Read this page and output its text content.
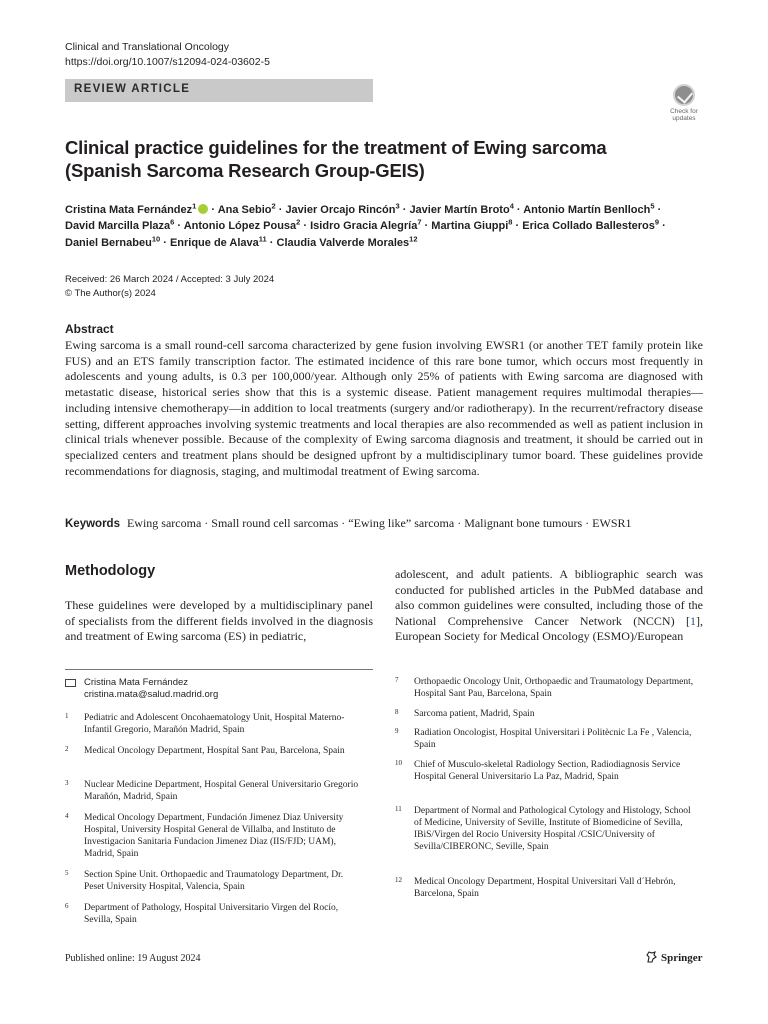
Clinical and Translational Oncology
https://doi.org/10.1007/s12094-024-03602-5
REVIEW ARTICLE
Check for
updates
Clinical practice guidelines for the treatment of Ewing sarcoma
(Spanish Sarcoma Research Group-GEIS)
Cristina Mata Fernández$^1$ · Ana Sebio$^2$ · Javier Orcajo Rincón$^3$ · Javier Martín Broto$^4$ · Antonio Martín Benlloch$^5$ ·
David Marcilla Plaza$^6$ · Antonio López Pousa$^2$ · Isidro Gracia Alegría$^7$ · Martina Giuppi$^8$ · Erica Collado Ballesteros$^9$ ·
Daniel Bernabeu$^{10}$ · Enrique de Alava$^{11}$ · Claudia Valverde Morales$^{12}$
Received: 26 March 2024 / Accepted: 3 July 2024
© The Author(s) 2024
Abstract

Ewing sarcoma is a small round-cell sarcoma characterized by gene fusion involving EWSR1 (or another TET family protein like FUS) and an ETS family transcription factor. The estimated incidence of this rare bone tumor, which occurs most frequently in adolescents and young adults, is 0.3 per 100,000/year. Although only 25% of patients with Ewing sarcoma are diagnosed with metastatic disease, historical series show that this is a systemic disease. Patient management requires multimodal therapies—including intensive chemotherapy—in addition to local treatments (surgery and/or radiotherapy). In the recurrent/refractory disease setting, different approaches involving systemic treatments and local therapies are also recommended as well as patient inclusion in clinical trials whenever possible. Because of the complexity of Ewing sarcoma diagnosis and treatment, it should be carried out in specialized centers and treatment plans should be designed upfront by a multidisciplinary tumor board. These guidelines provide recommendations for diagnosis, staging, and multimodal treatment of Ewing sarcoma.

Keywords Ewing sarcoma · Small round cell sarcomas · “Ewing like” sarcoma · Malignant bone tumours · EWSR1
Methodology

These guidelines were developed by a multidisciplinary panel of specialists from the different fields involved in the diagnosis and treatment of Ewing sarcoma (ES) in pediatric,

adolescent, and adult patients. A bibliographic search was conducted for published articles in the PubMed database and also common guidelines were consulted, including those of the National Comprehensive Cancer Network (NCCN) [1], European Society for Medical Oncology (ESMO)/European

Cristina Mata Fernández
cristina.mata@salud.madrid.org
1 Pediatric and Adolescent Oncohaematology Unit, Hospital Materno-Infantil Gregorio, Marañón Madrid, Spain
2 Medical Oncology Department, Hospital Sant Pau, Barcelona, Spain
3 Nuclear Medicine Department, Hospital General Universitario Gregorio Marañón, Madrid, Spain
4 Medical Oncology Department, Fundación Jimenez Diaz University Hospital, University Hospital General de Villalba, and Instituto de Investigacion Sanitaria Fundacion Jimenez Diaz (IIS/FJD; UAM), Madrid, Spain
5 Section Spine Unit. Orthopaedic and Traumatology Department, Dr. Peset University Hospital, Valencia, Spain
6 Department of Pathology, Hospital Universitario Virgen del Rocío, Sevilla, Spain
7 Orthopaedic Oncology Unit, Orthopaedic and Traumatology Department, Hospital Sant Pau, Barcelona, Spain
8 Sarcoma patient, Madrid, Spain
9 Radiation Oncologist, Hospital Universitari i Politècnic La Fe , Valencia, Spain
10 Chief of Musculo-skeletal Radiology Section, Radiodiagnosis Service Hospital General Universitario La Paz, Madrid, Spain
11 Department of Normal and Pathological Cytology and Histology, School of Medicine, University of Seville, Institute of Biomedicine of Sevilla, IBiS/Virgen del Rocio University Hospital /CSIC/University of Sevilla/CIBERONC, Seville, Spain
12 Medical Oncology Department, Hospital Universitari Vall d´Hebrón, Barcelona, Spain
Published online: 19 August 2024	Springer
